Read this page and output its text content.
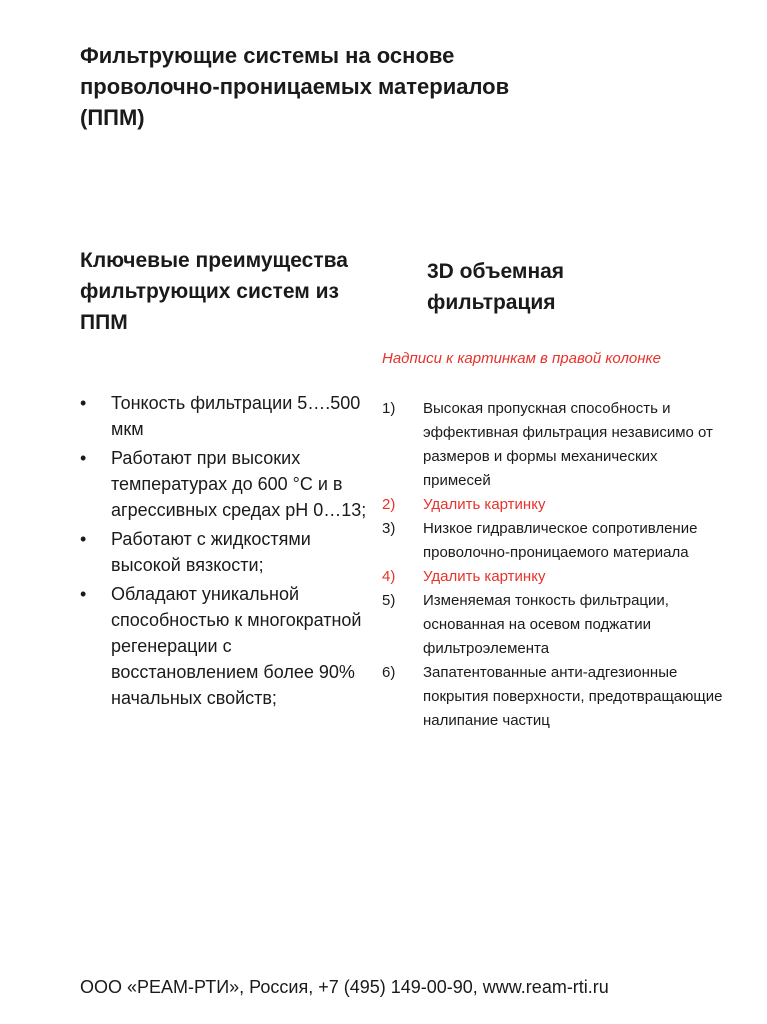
Фильтрующие системы на основе проволочно-проницаемых материалов (ППМ)
Ключевые преимущества фильтрующих систем из ППМ
• Тонкость фильтрации 5….500 мкм
• Работают при высоких температурах до 600 °С и в агрессивных средах рН 0…13;
• Работают с жидкостями высокой вязкости;
• Обладают уникальной способностью к многократной регенерации с восстановлением более 90% начальных свойств;
3D объемная фильтрация
Надписи к картинкам в правой колонке
1) Высокая пропускная способность и эффективная фильтрация независимо от размеров и формы механических примесей
2) Удалить картинку
3) Низкое гидравлическое сопротивление проволочно-проницаемого материала
4) Удалить картинку
5) Изменяемая тонкость фильтрации, основанная на осевом поджатии фильтроэлемента
6) Запатентованные анти-адгезионные покрытия поверхности, предотвращающие налипание частиц
ООО «РЕАМ-РТИ», Россия, +7 (495) 149-00-90, www.ream-rti.ru
